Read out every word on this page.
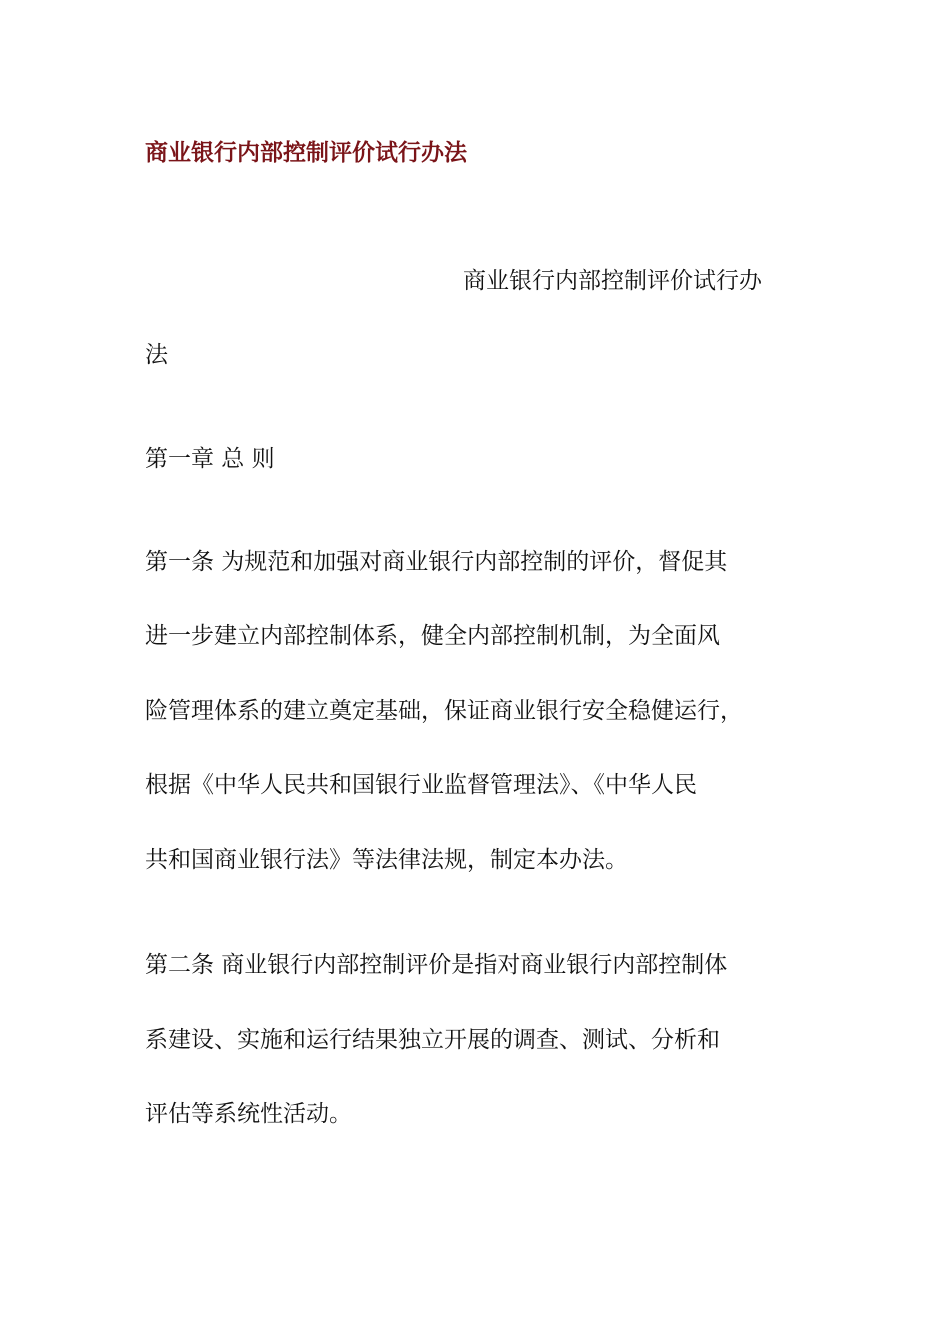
商业银行内部控制评价试行办法
商业银行内部控制评价试行办
法
第一章 总 则
第一条 为规范和加强对商业银行内部控制的评价，督促其
进一步建立内部控制体系，健全内部控制机制，为全面风
险管理体系的建立奠定基础，保证商业银行安全稳健运行，
根据《中华人民共和国银行业监督管理法》、《中华人民
共和国商业银行法》等法律法规，制定本办法。
第二条 商业银行内部控制评价是指对商业银行内部控制体
系建设、实施和运行结果独立开展的调查、测试、分析和
评估等系统性活动。
